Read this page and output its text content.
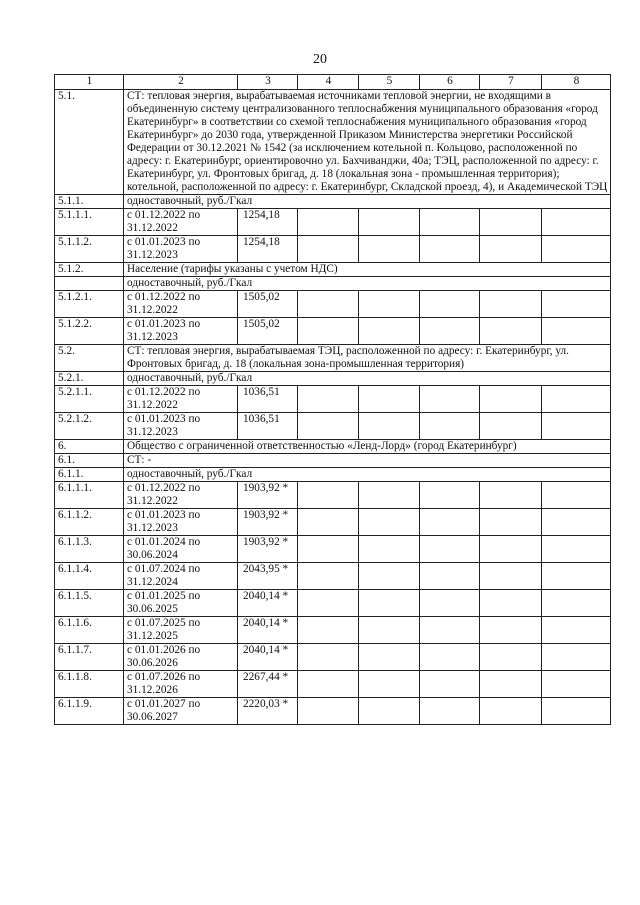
20
1	2	3	4	5	6	7	8
5.1.	СТ: тепловая энергия, вырабатываемая источниками тепловой энергии, не входящими в объединенную систему централизованного теплоснабжения муниципального образования «город Екатеринбург» в соответствии со схемой теплоснабжения муниципального образования «город Екатеринбург» до 2030 года, утвержденной Приказом Министерства энергетики Российской Федерации от 30.12.2021 № 1542 (за исключением котельной п. Кольцово, расположенной по адресу: г. Екатеринбург, ориентировочно ул. Бахчиванджи, 40а; ТЭЦ, расположенной по адресу: г. Екатеринбург, ул. Фронтовых бригад, д. 18 (локальная зона - промышленная территория); котельной, расположенной по адресу: г. Екатеринбург, Складской проезд, 4), и Академической ТЭЦ						
5.1.1.	одноставочный, руб./Гкал						
5.1.1.1.	с 01.12.2022 по 31.12.2022	1254,18					
5.1.1.2.	с 01.01.2023 по 31.12.2023	1254,18					
5.1.2.	Население (тарифы указаны с учетом НДС)						
	одноставочный, руб./Гкал						
5.1.2.1.	с 01.12.2022 по 31.12.2022	1505,02					
5.1.2.2.	с 01.01.2023 по 31.12.2023	1505,02					
5.2.	СТ: тепловая энергия, вырабатываемая ТЭЦ, расположенной по адресу: г. Екатеринбург, ул. Фронтовых бригад, д. 18 (локальная зона-промышленная территория)						
5.2.1.	одноставочный, руб./Гкал						
5.2.1.1.	с 01.12.2022 по 31.12.2022	1036,51					
5.2.1.2.	с 01.01.2023 по 31.12.2023	1036,51					
6.	Общество с ограниченной ответственностью «Ленд-Лорд» (город Екатеринбург)						
6.1.	СТ: -						
6.1.1.	одноставочный, руб./Гкал						
6.1.1.1.	с 01.12.2022 по 31.12.2022	1903,92 *					
6.1.1.2.	с 01.01.2023 по 31.12.2023	1903,92 *					
6.1.1.3.	с 01.01.2024 по 30.06.2024	1903,92 *					
6.1.1.4.	с 01.07.2024 по 31.12.2024	2043,95 *					
6.1.1.5.	с 01.01.2025 по 30.06.2025	2040,14 *					
6.1.1.6.	с 01.07.2025 по 31.12.2025	2040,14 *					
6.1.1.7.	с 01.01.2026 по 30.06.2026	2040,14 *					
6.1.1.8.	с 01.07.2026 по 31.12.2026	2267,44 *					
6.1.1.9.	с 01.01.2027 по 30.06.2027	2220,03 *					
